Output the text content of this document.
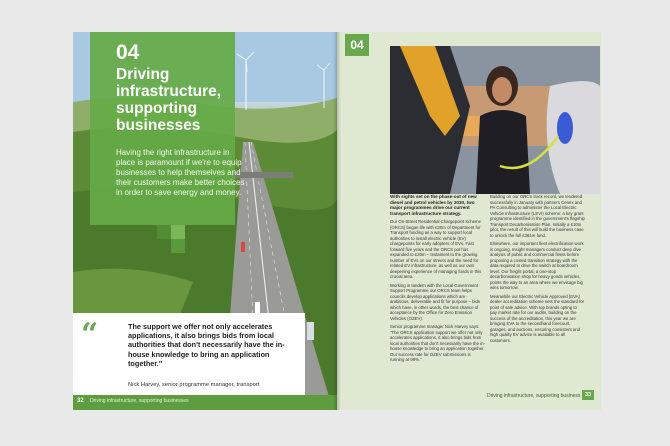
04
Driving infrastructure, supporting businesses
Having the right infrastructure in place is paramount if we're to equip businesses to help themselves and their customers make better choices in order to save energy and money.
“	The support we offer not only accelerates applications, it also brings bids from local authorities that don't necessarily have the in-house knowledge to bring an application together."
Nick Harvey, senior programme manager, transport
32 Driving infrastructure, supporting businesses
04

With sights set on the phase-out of new diesel and petrol vehicles by 2030, two major programmes drive our current transport infrastructure strategy.

Our On-Street Residential Chargepoint Scheme (ORCS) began life with £20m of Department for Transport funding as a way to support local authorities to install electric vehicle (EV) chargepoints for early adopters of EVs. Fast forward five years and the ORCS pot has expanded to £20m – testament to the growing number of EVs on our streets and the need for related EV infrastructure, as well as our own deepening experience of managing funds in this crucial area.

Working in tandem with the Local Government Support Programme our ORCS team helps councils develop applications which are ambitious, deliverable and fit for purpose – bids which have, in other words, the best chance of acceptance by the Office for Zero Emission Vehicles (OZEV).

Senior programme manager Nick Harvey says: "The ORCS application support we offer not only accelerates applications, it also brings bids from local authorities that don't necessarily have the in-house knowledge to bring an application together. Our success rate for OZEV submissions is running at 98%."

Building on our ORCS track record, we tendered successfully in January with partners Cenex and PA Consulting to administer the Local Electric Vehicle Infrastructure (LEVI) scheme: a key grant programme identified in the government's flagship Transport Decarbonisation Plan. Initially a £10m pilot, the result of this will build the business case to unlock the full £381m fund.

Elsewhere, our important fleet electrification work is ongoing. Insight managers conduct deep dive analysis of public and commercial fleets before proposing a costed transition strategy with the data required to drive the switch at boardroom level. Our freight portal, a one-stop decarbonisation shop for heavy goods vehicles, points the way to an area where we envisage big wins tomorrow.

Meanwhile our Electric Vehicle Approved (EVA) dealer accreditation scheme sets the standard for point of sale advice. With top brands opting to pay market rate for our audits, building on the success of the accreditation, this year we are bringing EVA to the secondhand forecourt, garages, and auctions, ensuring consistent and high quality EV advice is available to all customers.

Driving infrastructure, supporting business 33
